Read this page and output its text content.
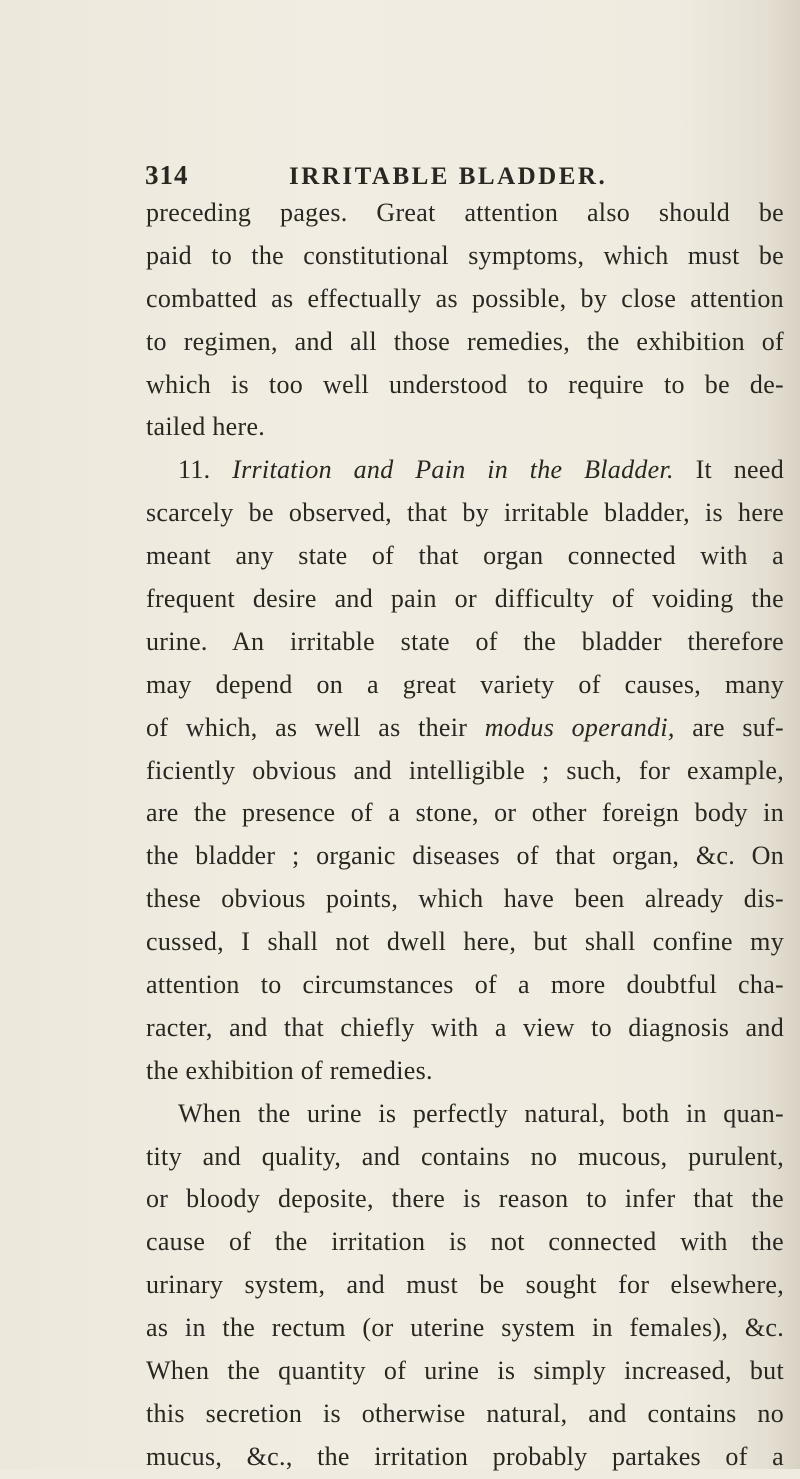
314	IRRITABLE BLADDER.
preceding pages. Great attention also should be
paid to the constitutional symptoms, which must be
combatted as effectually as possible, by close attention
to regimen, and all those remedies, the exhibition of
which is too well understood to require to be de-
tailed here.
11. Irritation and Pain in the Bladder. It need
scarcely be observed, that by irritable bladder, is here
meant any state of that organ connected with a
frequent desire and pain or difficulty of voiding the
urine. An irritable state of the bladder therefore
may depend on a great variety of causes, many
of which, as well as their modus operandi, are suf-
ficiently obvious and intelligible ; such, for example,
are the presence of a stone, or other foreign body in
the bladder ; organic diseases of that organ, &c. On
these obvious points, which have been already dis-
cussed, I shall not dwell here, but shall confine my
attention to circumstances of a more doubtful cha-
racter, and that chiefly with a view to diagnosis and
the exhibition of remedies.
When the urine is perfectly natural, both in quan-
tity and quality, and contains no mucous, purulent,
or bloody deposite, there is reason to infer that the
cause of the irritation is not connected with the
urinary system, and must be sought for elsewhere,
as in the rectum (or uterine system in females), &c.
When the quantity of urine is simply increased, but
this secretion is otherwise natural, and contains no
mucus, &c., the irritation probably partakes of a
